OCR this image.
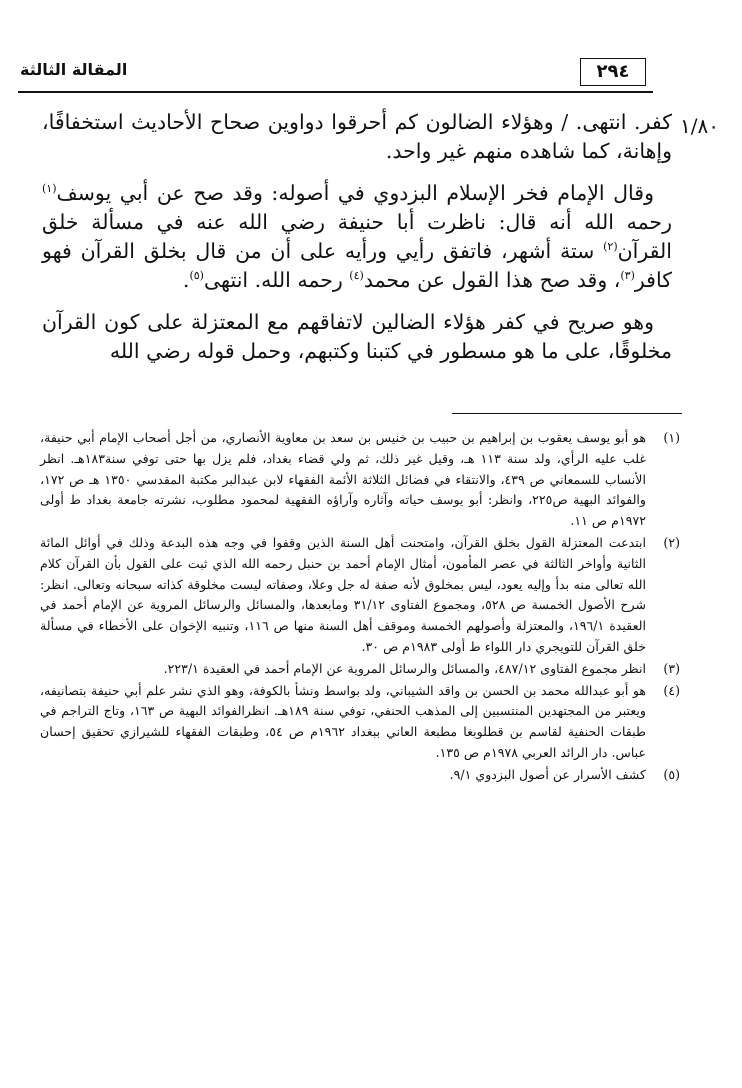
المقالة الثالثة	٢٩٤
١/٨٠

كفر. انتهى. / وهؤلاء الضالون كم أحرقوا دواوين صحاح الأحاديث استخفافًا، وإهانة، كما شاهده منهم غير واحد.

وقال الإمام فخر الإسلام البزدوي في أصوله: وقد صح عن أبي يوسف$^{(١)}$ رحمه الله أنه قال: ناظرت أبا حنيفة رضي الله عنه في مسألة خلق القرآن$^{(٢)}$ ستة أشهر، فاتفق رأيي ورأيه على أن من قال بخلق القرآن فهو كافر$^{(٣)}$، وقد صح هذا القول عن محمد$^{(٤)}$ رحمه الله. انتهى$^{(٥)}$.

وهو صريح في كفر هؤلاء الضالين لاتفاقهم مع المعتزلة على كون القرآن مخلوقًا، على ما هو مسطور في كتبنا وكتبهم، وحمل قوله رضي الله

(١)
هو أبو يوسف يعقوب بن إبراهيم بن حبيب بن خنيس بن سعد بن معاوية الأنصاري، من أجل أصحاب الإمام أبي حنيفة، غلب عليه الرأي، ولد سنة ١١٣ هـ، وقيل غير ذلك، ثم ولي قضاء بغداد، فلم يزل بها حتى توفي سنة١٨٣هـ. انظر الأنساب للسمعاني ص ٤٣٩، والانتقاء في فضائل الثلاثة الأئمة الفقهاء لابن عبدالبر مكتبة المقدسي ١٣٥٠ هـ ص ١٧٢، والفوائد البهية ص٢٢٥، وانظر: أبو يوسف حياته وآثاره وآراؤه الفقهية لمحمود مطلوب، نشرته جامعة بغداد ط أولى ١٩٧٢م ص ١١.
(٢)
ابتدعت المعتزلة القول بخلق القرآن، وامتحنت أهل السنة الذين وقفوا في وجه هذه البدعة وذلك في أوائل المائة الثانية وأواخر الثالثة في عصر المأمون، أمثال الإمام أحمد بن حنبل رحمه الله الذي ثبت على القول بأن القرآن كلام الله تعالى منه بدأ وإليه يعود، ليس بمخلوق لأنه صفة له جل وعلا، وصفاته ليست مخلوقة كذاته سبحانه وتعالى. انظر: شرح الأصول الخمسة ص ٥٢٨، ومجموع الفتاوى ٣١/١٢ ومابعدها، والمسائل والرسائل المروية عن الإمام أحمد في العقيدة ١٩٦/١، والمعتزلة وأصولهم الخمسة وموقف أهل السنة منها ص ١١٦، وتنبيه الإخوان على الأخطاء في مسألة خلق القرآن للتويجري دار اللواء ط أولى ١٩٨٣م ص ٣٠.
(٣)
انظر مجموع الفتاوى ٤٨٧/١٢، والمسائل والرسائل المروية عن الإمام أحمد في العقيدة ٢٢٣/١.
(٤)
هو أبو عبدالله محمد بن الحسن بن واقد الشيباني، ولد بواسط ونشأ بالكوفة، وهو الذي نشر علم أبي حنيفة بتصانيفه، ويعتبر من المجتهدين المنتسبين إلى المذهب الحنفي، توفي سنة ١٨٩هـ. انظرالفوائد البهية ص ١٦٣، وتاج التراجم في طبقات الحنفية لقاسم بن قطلوبغا مطبعة العاني ببغداد ١٩٦٢م ص ٥٤، وطبقات الفقهاء للشيرازي تحقيق إحسان عباس. دار الرائد العربي ١٩٧٨م ص ١٣٥.
(٥)
كشف الأسرار عن أصول البزدوي ٩/١.
